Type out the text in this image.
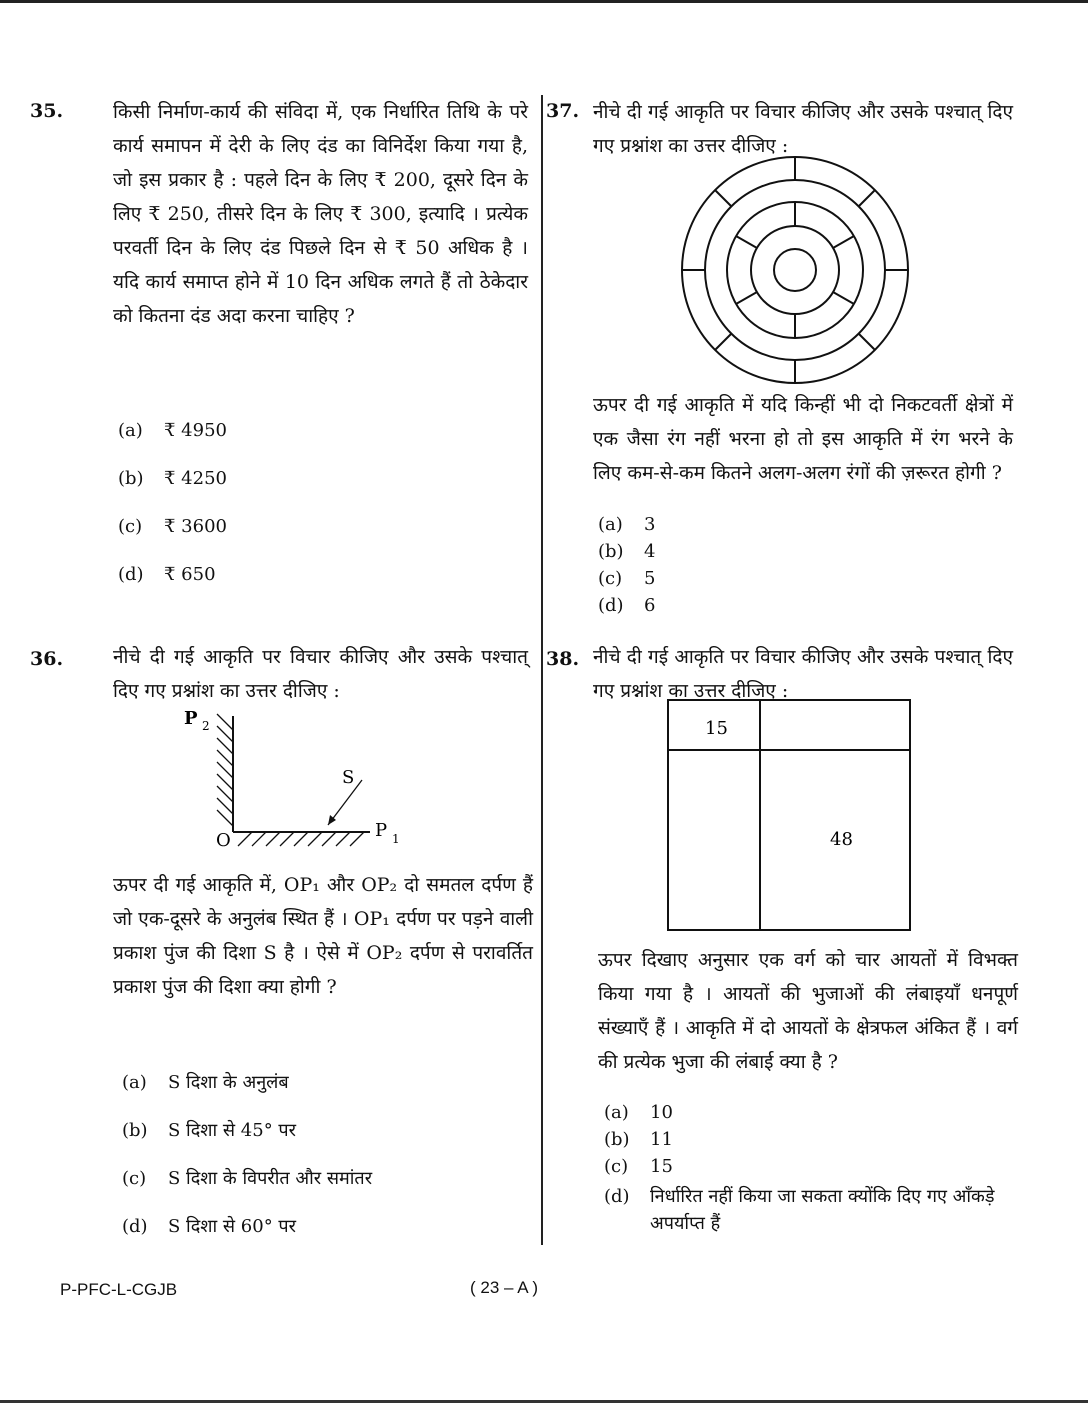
35.	किसी निर्माण-कार्य की संविदा में, एक निर्धारित तिथि के परे कार्य समापन में देरी के लिए दंड का विनिर्देश किया गया है, जो इस प्रकार है : पहले दिन के लिए ₹ 200, दूसरे दिन के लिए ₹ 250, तीसरे दिन के लिए ₹ 300, इत्यादि । प्रत्येक परवर्ती दिन के लिए दंड पिछले दिन से ₹ 50 अधिक है । यदि कार्य समाप्त होने में 10 दिन अधिक लगते हैं तो ठेकेदार को कितना दंड अदा करना चाहिए ?
(a) ₹ 4950
(b) ₹ 4250
(c) ₹ 3600
(d) ₹ 650
36.	नीचे दी गई आकृति पर विचार कीजिए और उसके पश्चात् दिए गए प्रश्नांश का उत्तर दीजिए :
P 2
S
O	P 1
ऊपर दी गई आकृति में, OP₁ और OP₂ दो समतल दर्पण हैं जो एक-दूसरे के अनुलंब स्थित हैं । OP₁ दर्पण पर पड़ने वाली प्रकाश पुंज की दिशा S है । ऐसे में OP₂ दर्पण से परावर्तित प्रकाश पुंज की दिशा क्या होगी ?
(a) S दिशा के अनुलंब
(b) S दिशा से 45° पर
(c) S दिशा के विपरीत और समांतर
(d) S दिशा से 60° पर
37. नीचे दी गई आकृति पर विचार कीजिए और उसके पश्चात् दिए गए प्रश्नांश का उत्तर दीजिए :
ऊपर दी गई आकृति में यदि किन्हीं भी दो निकटवर्ती क्षेत्रों में एक जैसा रंग नहीं भरना हो तो इस आकृति में रंग भरने के लिए कम-से-कम कितने अलग-अलग रंगों की ज़रूरत होगी ?
(a) 3
(b) 4
(c) 5
(d) 6
38. नीचे दी गई आकृति पर विचार कीजिए और उसके पश्चात् दिए गए प्रश्नांश का उत्तर दीजिए :
15
48
ऊपर दिखाए अनुसार एक वर्ग को चार आयतों में विभक्त किया गया है । आयतों की भुजाओं की लंबाइयाँ धनपूर्ण संख्याएँ हैं । आकृति में दो आयतों के क्षेत्रफल अंकित हैं । वर्ग की प्रत्येक भुजा की लंबाई क्या है ?
(a) 10
(b) 11
(c) 15
(d)	निर्धारित नहीं किया जा सकता क्योंकि दिए गए आँकड़े अपर्याप्त हैं
P-PFC-L-CGJB	( 23 – A )
